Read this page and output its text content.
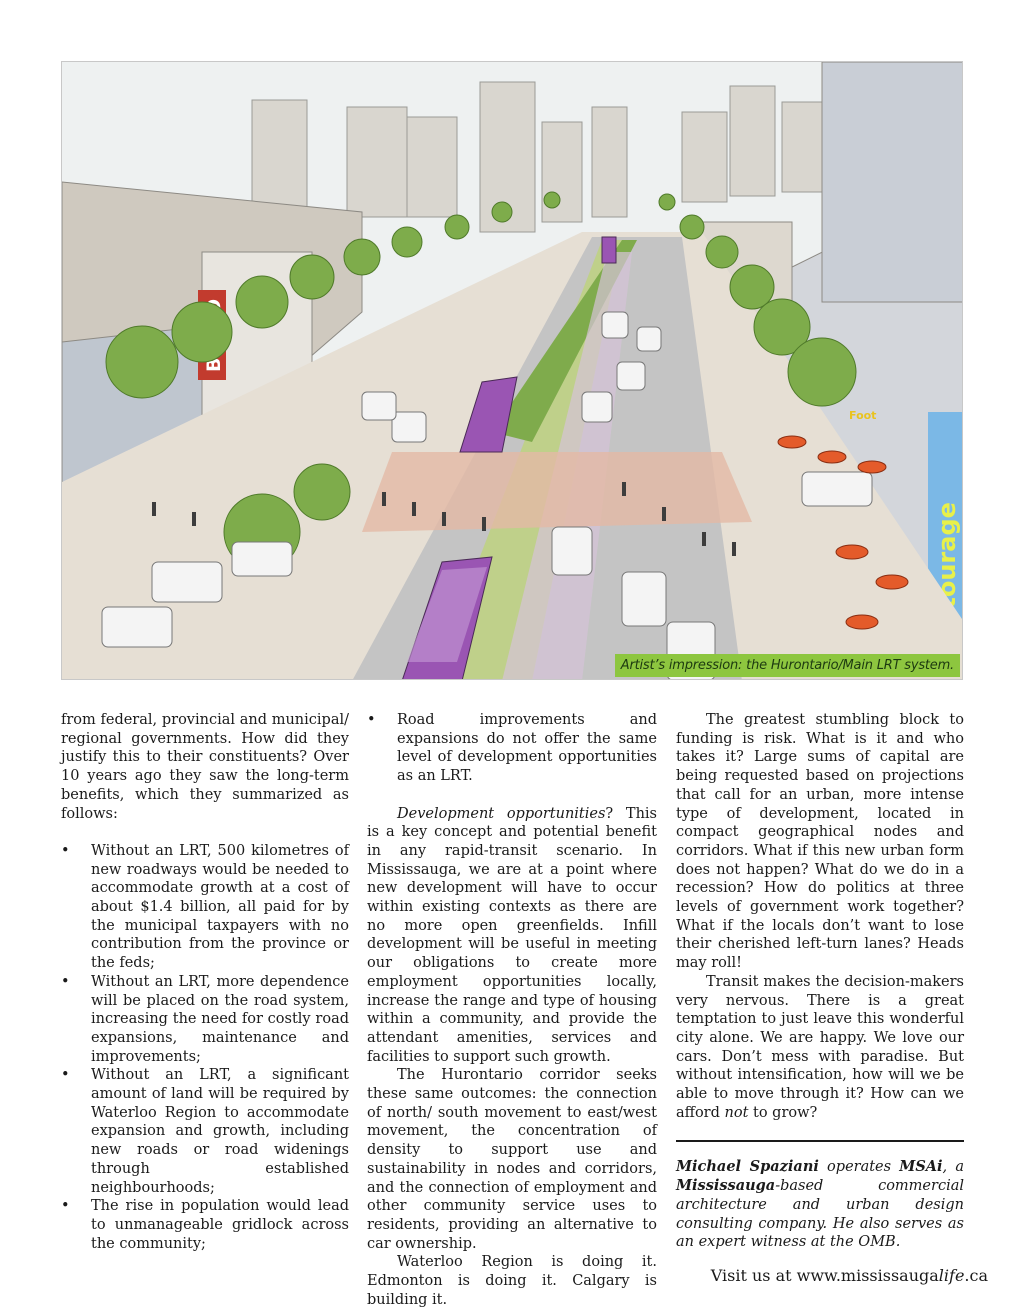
entourage
Foot
Artist’s impression: the Hurontario/Main LRT system.

from federal, provincial and municipal/ regional governments. How did they justify this to their constituents? Over 10 years ago they saw the long-term benefits, which they summarized as follows:

• Without an LRT, 500 kilometres of new roadways would be needed to accommodate growth at a cost of about $1.4 billion, all paid for by the municipal taxpayers with no contribution from the province or the feds;
• Without an LRT, more dependence will be placed on the road system, increasing the need for costly road expansions, maintenance and improvements;
• Without an LRT, a significant amount of land will be required by Waterloo Region to accommodate expansion and growth, including new roads or road widenings through established neighbourhoods;
• The rise in population would lead to unmanageable gridlock across the community;
• Road improvements and expansions do not offer the same level of development opportunities as an LRT.

Development opportunities? This is a key concept and potential benefit in any rapid-transit scenario. In Mississauga, we are at a point where new development will have to occur within existing contexts as there are no more open greenfields. Infill development will be useful in meeting our obligations to create more employment opportunities locally, increase the range and type of housing within a community, and provide the attendant amenities, services and facilities to support such growth.

The Hurontario corridor seeks these same outcomes: the connection of north/ south movement to east/west movement, the concentration of density to support use and sustainability in nodes and corridors, and the connection of employment and other community service uses to residents, providing an alternative to car ownership.

Waterloo Region is doing it. Edmonton is doing it. Calgary is building it.

The greatest stumbling block to funding is risk. What is it and who takes it? Large sums of capital are being requested based on projections that call for an urban, more intense type of development, located in compact geographical nodes and corridors. What if this new urban form does not happen? What do we do in a recession? How do politics at three levels of government work together? What if the locals don’t want to lose their cherished left-turn lanes? Heads may roll!

Transit makes the decision-makers very nervous. There is a great temptation to just leave this wonderful city alone. We are happy. We love our cars. Don’t mess with paradise. But without intensification, how will we be able to move through it? How can we afford not to grow?

Michael Spaziani operates MSAi, a Mississauga-based commercial architecture and urban design consulting company. He also serves as an expert witness at the OMB.

Visit us at www.mississaugalife.ca
